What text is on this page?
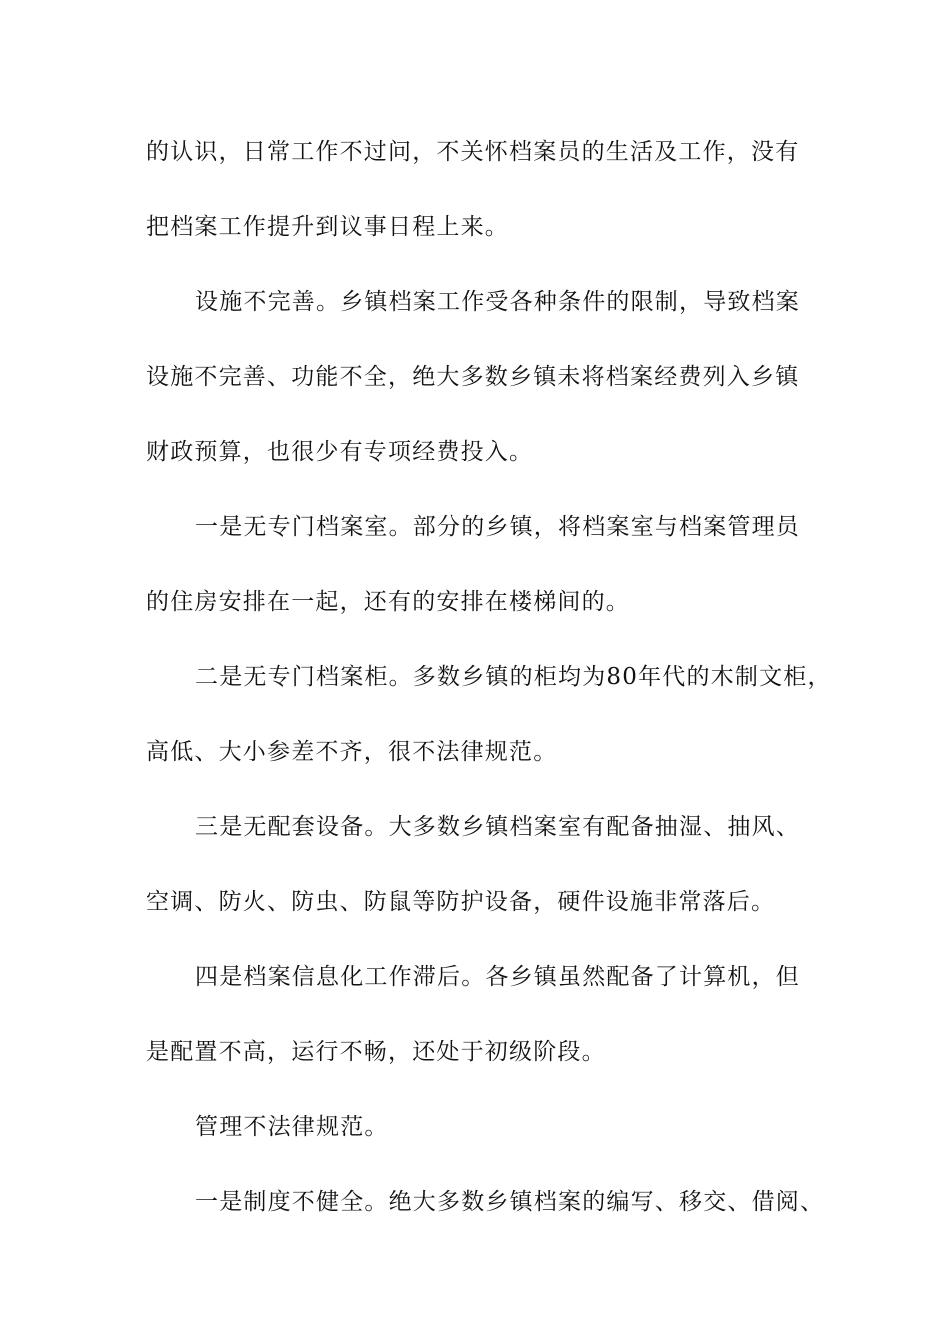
的认识，日常工作不过问，不关怀档案员的生活及工作，没有
把档案工作提升到议事日程上来。
设施不完善。乡镇档案工作受各种条件的限制，导致档案
设施不完善、功能不全，绝大多数乡镇未将档案经费列入乡镇
财政预算，也很少有专项经费投入。
一是无专门档案室。部分的乡镇，将档案室与档案管理员
的住房安排在一起，还有的安排在楼梯间的。
二是无专门档案柜。多数乡镇的柜均为80年代的木制文柜，
高低、大小参差不齐，很不法律规范。
三是无配套设备。大多数乡镇档案室有配备抽湿、抽风、
空调、防火、防虫、防鼠等防护设备，硬件设施非常落后。
四是档案信息化工作滞后。各乡镇虽然配备了计算机，但
是配置不高，运行不畅，还处于初级阶段。
管理不法律规范。
一是制度不健全。绝大多数乡镇档案的编写、移交、借阅、
